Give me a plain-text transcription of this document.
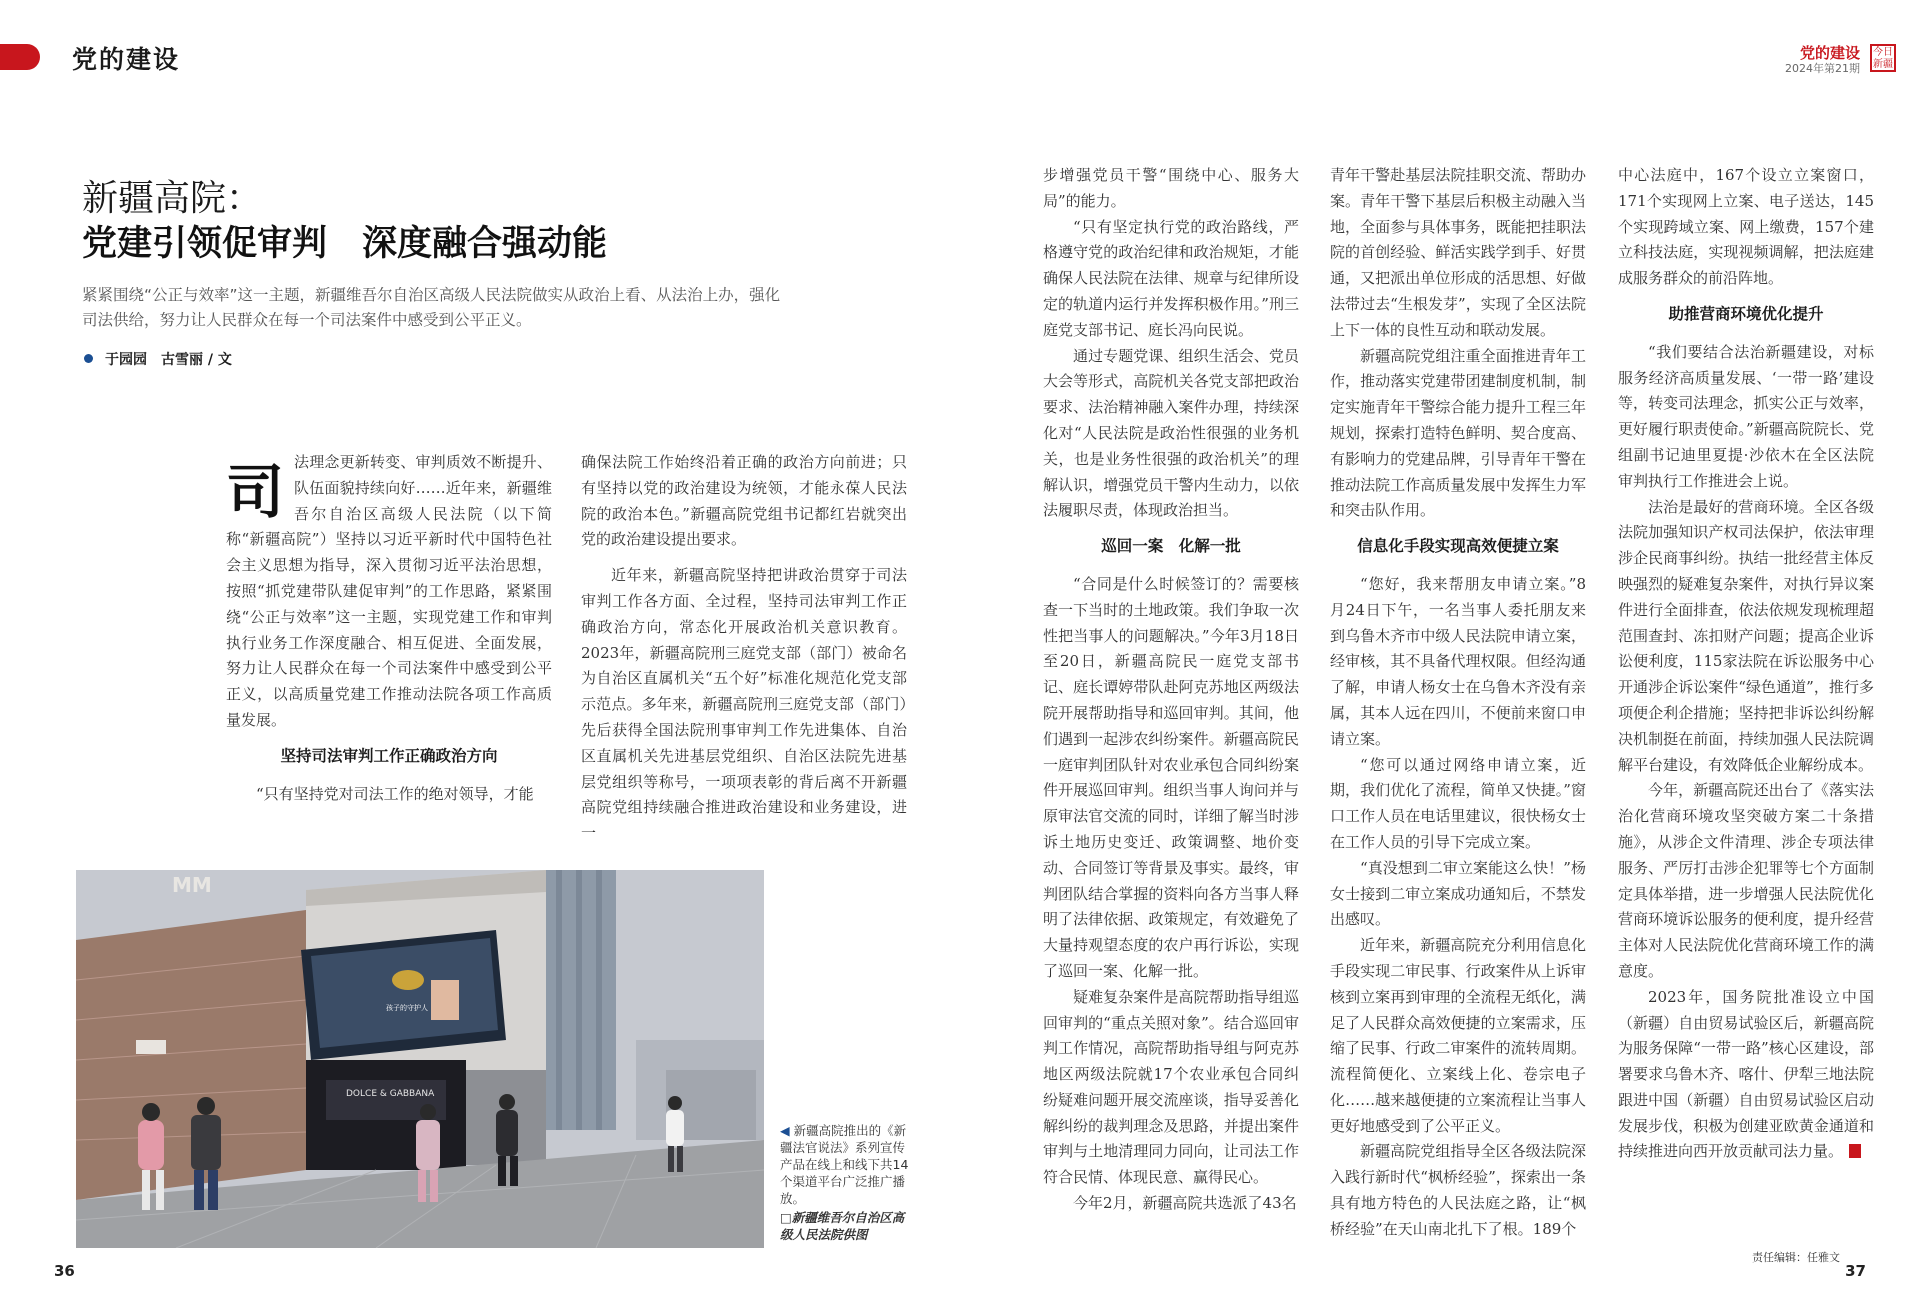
党的建设	党的建设
2024年第21期
今日
新疆
新疆高院：
党建引领促审判　深度融合强动能
紧紧围绕“公正与效率”这一主题，新疆维吾尔自治区高级人民法院做实从政治上看、从法治上办，强化司法供给，努力让人民群众在每一个司法案件中感受到公平正义。
于园园　古雪丽 / 文
司 法理念更新转变、审判质效不断提升、队伍面貌持续向好……近年来，新疆维吾尔自治区高级人民法院（以下简称“新疆高院”）坚持以习近平新时代中国特色社会主义思想为指导，深入贯彻习近平法治思想，按照“抓党建带队建促审判”的工作思路，紧紧围绕“公正与效率”这一主题，实现党建工作和审判执行业务工作深度融合、相互促进、全面发展，努力让人民群众在每一个司法案件中感受到公平正义，以高质量党建工作推动法院各项工作高质量发展。

坚持司法审判工作正确政治方向

“只有坚持党对司法工作的绝对领导，才能

确保法院工作始终沿着正确的政治方向前进；只有坚持以党的政治建设为统领，才能永葆人民法院的政治本色。”新疆高院党组书记都红岩就突出党的政治建设提出要求。

近年来，新疆高院坚持把讲政治贯穿于司法审判工作各方面、全过程，坚持司法审判工作正确政治方向，常态化开展政治机关意识教育。2023年，新疆高院刑三庭党支部（部门）被命名为自治区直属机关“五个好”标准化规范化党支部示范点。多年来，新疆高院刑三庭党支部（部门）先后获得全国法院刑事审判工作先进集体、自治区直属机关先进基层党组织、自治区法院先进基层党组织等称号，一项项表彰的背后离不开新疆高院党组持续融合推进政治建设和业务建设，进一

MM
DOLCE & GABBANA
孩子的守护人
◀ 新疆高院推出的《新疆法官说法》系列宣传产品在线上和线下共14个渠道平台广泛推广播放。
□新疆维吾尔自治区高级人民法院供图

步增强党员干警“围绕中心、服务大局”的能力。

“只有坚定执行党的政治路线，严格遵守党的政治纪律和政治规矩，才能确保人民法院在法律、规章与纪律所设定的轨道内运行并发挥积极作用。”刑三庭党支部书记、庭长冯向民说。

通过专题党课、组织生活会、党员大会等形式，高院机关各党支部把政治要求、法治精神融入案件办理，持续深化对“人民法院是政治性很强的业务机关，也是业务性很强的政治机关”的理解认识，增强党员干警内生动力，以依法履职尽责，体现政治担当。

巡回一案　化解一批

“合同是什么时候签订的？需要核查一下当时的土地政策。我们争取一次性把当事人的问题解决。”今年3月18日至20日，新疆高院民一庭党支部书记、庭长谭婷带队赴阿克苏地区两级法院开展帮助指导和巡回审判。其间，他们遇到一起涉农纠纷案件。新疆高院民一庭审判团队针对农业承包合同纠纷案件开展巡回审判。组织当事人询问并与原审法官交流的同时，详细了解当时涉诉土地历史变迁、政策调整、地价变动、合同签订等背景及事实。最终，审判团队结合掌握的资料向各方当事人释明了法律依据、政策规定，有效避免了大量持观望态度的农户再行诉讼，实现了巡回一案、化解一批。

疑难复杂案件是高院帮助指导组巡回审判的“重点关照对象”。结合巡回审判工作情况，高院帮助指导组与阿克苏地区两级法院就17个农业承包合同纠纷疑难问题开展交流座谈，指导妥善化解纠纷的裁判理念及思路，并提出案件审判与土地清理同力同向，让司法工作符合民情、体现民意、赢得民心。

今年2月，新疆高院共选派了43名

青年干警赴基层法院挂职交流、帮助办案。青年干警下基层后积极主动融入当地，全面参与具体事务，既能把挂职法院的首创经验、鲜活实践学到手、好贯通，又把派出单位形成的活思想、好做法带过去“生根发芽”，实现了全区法院上下一体的良性互动和联动发展。

新疆高院党组注重全面推进青年工作，推动落实党建带团建制度机制，制定实施青年干警综合能力提升工程三年规划，探索打造特色鲜明、契合度高、有影响力的党建品牌，引导青年干警在推动法院工作高质量发展中发挥生力军和突击队作用。

信息化手段实现高效便捷立案

“您好，我来帮朋友申请立案。”8月24日下午，一名当事人委托朋友来到乌鲁木齐市中级人民法院申请立案，经审核，其不具备代理权限。但经沟通了解，申请人杨女士在乌鲁木齐没有亲属，其本人远在四川，不便前来窗口申请立案。

“您可以通过网络申请立案，近期，我们优化了流程，简单又快捷。”窗口工作人员在电话里建议，很快杨女士在工作人员的引导下完成立案。

“真没想到二审立案能这么快！”杨女士接到二审立案成功通知后，不禁发出感叹。

近年来，新疆高院充分利用信息化手段实现二审民事、行政案件从上诉审核到立案再到审理的全流程无纸化，满足了人民群众高效便捷的立案需求，压缩了民事、行政二审案件的流转周期。流程简便化、立案线上化、卷宗电子化……越来越便捷的立案流程让当事人更好地感受到了公平正义。

新疆高院党组指导全区各级法院深入践行新时代“枫桥经验”，探索出一条具有地方特色的人民法庭之路，让“枫桥经验”在天山南北扎下了根。189个

中心法庭中，167个设立立案窗口，171个实现网上立案、电子送达，145个实现跨域立案、网上缴费，157个建立科技法庭，实现视频调解，把法庭建成服务群众的前沿阵地。

助推营商环境优化提升

“我们要结合法治新疆建设，对标服务经济高质量发展、‘一带一路’建设等，转变司法理念，抓实公正与效率，更好履行职责使命。”新疆高院院长、党组副书记迪里夏提·沙依木在全区法院审判执行工作推进会上说。

法治是最好的营商环境。全区各级法院加强知识产权司法保护，依法审理涉企民商事纠纷。执结一批经营主体反映强烈的疑难复杂案件，对执行异议案件进行全面排查，依法依规发现梳理超范围查封、冻扣财产问题；提高企业诉讼便利度，115家法院在诉讼服务中心开通涉企诉讼案件“绿色通道”，推行多项便企利企措施；坚持把非诉讼纠纷解决机制挺在前面，持续加强人民法院调解平台建设，有效降低企业解纷成本。

今年，新疆高院还出台了《落实法治化营商环境攻坚突破方案二十条措施》，从涉企文件清理、涉企专项法律服务、严厉打击涉企犯罪等七个方面制定具体举措，进一步增强人民法院优化营商环境诉讼服务的便利度，提升经营主体对人民法院优化营商环境工作的满意度。

2023年，国务院批准设立中国（新疆）自由贸易试验区后，新疆高院为服务保障“一带一路”核心区建设，部署要求乌鲁木齐、喀什、伊犁三地法院跟进中国（新疆）自由贸易试验区启动发展步伐，积极为创建亚欧黄金通道和持续推进向西开放贡献司法力量。

36
责任编辑：任雅文
37
